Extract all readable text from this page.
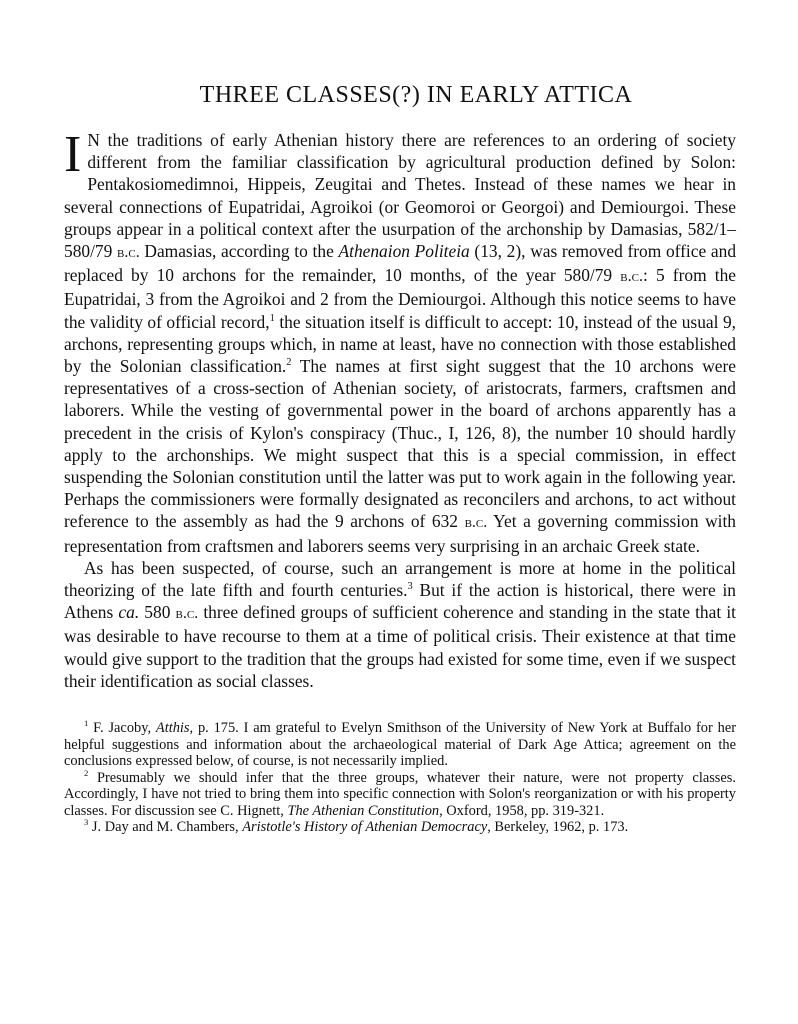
THREE CLASSES(?) IN EARLY ATTICA

I N the traditions of early Athenian history there are references to an ordering of society different from the familiar classification by agricultural production defined by Solon: Pentakosiomedimnoi, Hippeis, Zeugitai and Thetes. Instead of these names we hear in several connections of Eupatridai, Agroikoi (or Geomoroi or Georgoi) and Demiourgoi. These groups appear in a political context after the usurpation of the archonship by Damasias, 582/1–580/79 b.c. Damasias, according to the Athenaion Politeia (13, 2), was removed from office and replaced by 10 archons for the remainder, 10 months, of the year 580/79 b.c.: 5 from the Eupatridai, 3 from the Agroikoi and 2 from the Demiourgoi. Although this notice seems to have the validity of official record,$^1$ the situation itself is difficult to accept: 10, instead of the usual 9, archons, representing groups which, in name at least, have no connection with those established by the Solonian classification.$^2$ The names at first sight suggest that the 10 archons were representatives of a cross-section of Athenian society, of aristocrats, farmers, craftsmen and laborers. While the vesting of governmental power in the board of archons apparently has a precedent in the crisis of Kylon's conspiracy (Thuc., I, 126, 8), the number 10 should hardly apply to the archonships. We might suspect that this is a special commission, in effect suspending the Solonian constitution until the latter was put to work again in the following year. Perhaps the commissioners were formally designated as reconcilers and archons, to act without reference to the assembly as had the 9 archons of 632 b.c. Yet a governing commission with representation from craftsmen and laborers seems very surprising in an archaic Greek state.

As has been suspected, of course, such an arrangement is more at home in the political theorizing of the late fifth and fourth centuries.$^3$ But if the action is historical, there were in Athens ca. 580 b.c. three defined groups of sufficient coherence and standing in the state that it was desirable to have recourse to them at a time of political crisis. Their existence at that time would give support to the tradition that the groups had existed for some time, even if we suspect their identification as social classes.

$^1$ F. Jacoby, Atthis, p. 175. I am grateful to Evelyn Smithson of the University of New York at Buffalo for her helpful suggestions and information about the archaeological material of Dark Age Attica; agreement on the conclusions expressed below, of course, is not necessarily implied.

$^2$ Presumably we should infer that the three groups, whatever their nature, were not property classes. Accordingly, I have not tried to bring them into specific connection with Solon's reorganization or with his property classes. For discussion see C. Hignett, The Athenian Constitution, Oxford, 1958, pp. 319-321.

$^3$ J. Day and M. Chambers, Aristotle's History of Athenian Democracy, Berkeley, 1962, p. 173.
